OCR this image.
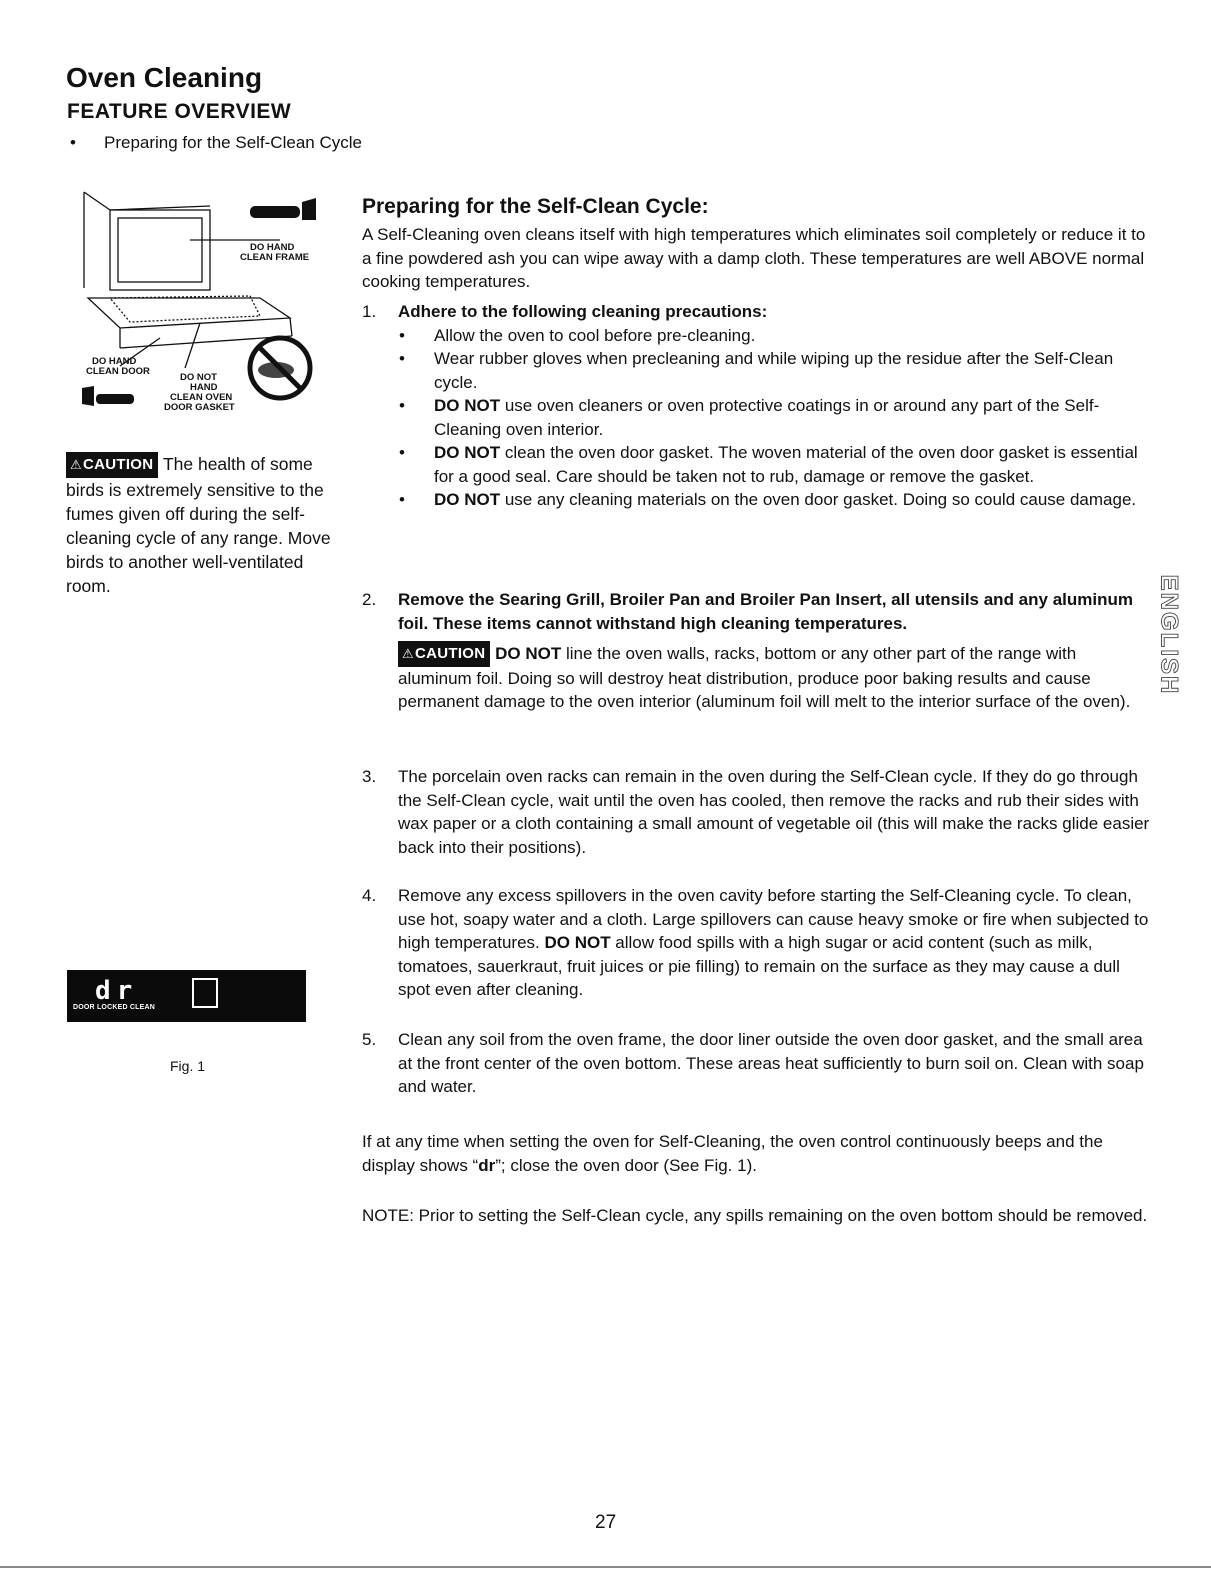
Oven Cleaning
FEATURE OVERVIEW
• Preparing for the Self-Clean Cycle
DO HAND
CLEAN FRAME
DO HAND
CLEAN DOOR
DO NOT
HAND
CLEAN OVEN
DOOR GASKET
⚠CAUTION The health of some birds is extremely sensitive to the fumes given off during the self-cleaning cycle of any range. Move birds to another well-ventilated room.
dr
DOOR LOCKED CLEAN
Fig. 1
Preparing for the Self-Clean Cycle:

A Self-Cleaning oven cleans itself with high temperatures which eliminates soil completely or reduce it to a fine powdered ash you can wipe away with a damp cloth. These temperatures are well ABOVE normal cooking temperatures.

1. Adhere to the following cleaning precautions:
• Allow the oven to cool before pre-cleaning.
• Wear rubber gloves when precleaning and while wiping up the residue after the Self-Clean cycle.
• DO NOT use oven cleaners or oven protective coatings in or around any part of the Self-Cleaning oven interior.
• DO NOT clean the oven door gasket. The woven material of the oven door gasket is essential for a good seal. Care should be taken not to rub, damage or remove the gasket.
• DO NOT use any cleaning materials on the oven door gasket. Doing so could cause damage.
2. Remove the Searing Grill, Broiler Pan and Broiler Pan Insert, all utensils and any aluminum foil. These items cannot withstand high cleaning temperatures.
⚠CAUTION DO NOT line the oven walls, racks, bottom or any other part of the range with aluminum foil. Doing so will destroy heat distribution, produce poor baking results and cause permanent damage to the oven interior (aluminum foil will melt to the interior surface of the oven).
3. The porcelain oven racks can remain in the oven during the Self-Clean cycle. If they do go through the Self-Clean cycle, wait until the oven has cooled, then remove the racks and rub their sides with wax paper or a cloth containing a small amount of vegetable oil (this will make the racks glide easier back into their positions).
4. Remove any excess spillovers in the oven cavity before starting the Self-Cleaning cycle. To clean, use hot, soapy water and a cloth. Large spillovers can cause heavy smoke or fire when subjected to high temperatures. DO NOT allow food spills with a high sugar or acid content (such as milk, tomatoes, sauerkraut, fruit juices or pie filling) to remain on the surface as they may cause a dull spot even after cleaning.
5. Clean any soil from the oven frame, the door liner outside the oven door gasket, and the small area at the front center of the oven bottom. These areas heat sufficiently to burn soil on. Clean with soap and water.

If at any time when setting the oven for Self-Cleaning, the oven control continuously beeps and the display shows “dr”; close the oven door (See Fig. 1).

NOTE: Prior to setting the Self-Clean cycle, any spills remaining on the oven bottom should be removed.

ENGLISH
27
